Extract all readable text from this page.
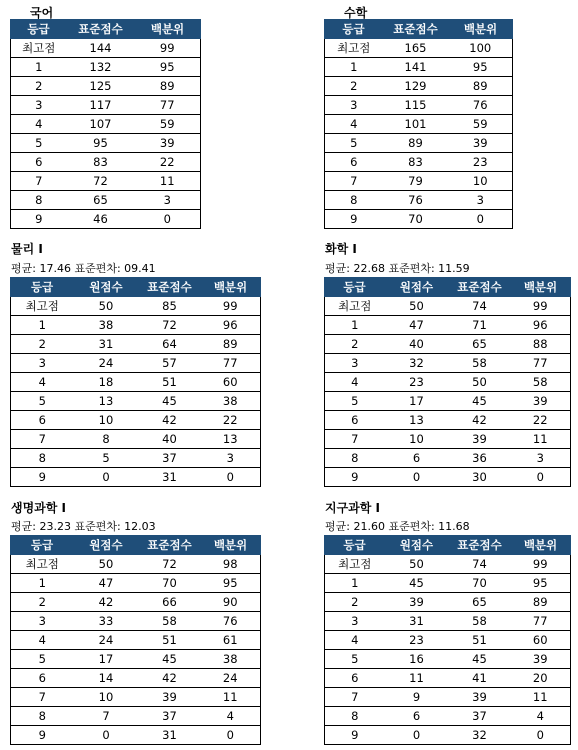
국어
등급	표준점수	백분위
최고점	144	99
1	132	95
2	125	89
3	117	77
4	107	59
5	95	39
6	83	22
7	72	11
8	65	3
9	46	0
수학
등급	표준점수	백분위
최고점	165	100
1	141	95
2	129	89
3	115	76
4	101	59
5	89	39
6	83	23
7	79	10
8	76	3
9	70	0
물리 I
평균: 17.46 표준편차: 09.41
등급	원점수	표준점수	백분위
최고점	50	85	99
1	38	72	96
2	31	64	89
3	24	57	77
4	18	51	60
5	13	45	38
6	10	42	22
7	8	40	13
8	5	37	3
9	0	31	0
화학 I
평균: 22.68 표준편차: 11.59
등급	원점수	표준점수	백분위
최고점	50	74	99
1	47	71	96
2	40	65	88
3	32	58	77
4	23	50	58
5	17	45	39
6	13	42	22
7	10	39	11
8	6	36	3
9	0	30	0
생명과학 I
평균: 23.23 표준편차: 12.03
등급	원점수	표준점수	백분위
최고점	50	72	98
1	47	70	95
2	42	66	90
3	33	58	76
4	24	51	61
5	17	45	38
6	14	42	24
7	10	39	11
8	7	37	4
9	0	31	0
지구과학 I
평균: 21.60 표준편차: 11.68
등급	원점수	표준점수	백분위
최고점	50	74	99
1	45	70	95
2	39	65	89
3	31	58	77
4	23	51	60
5	16	45	39
6	11	41	20
7	9	39	11
8	6	37	4
9	0	32	0
